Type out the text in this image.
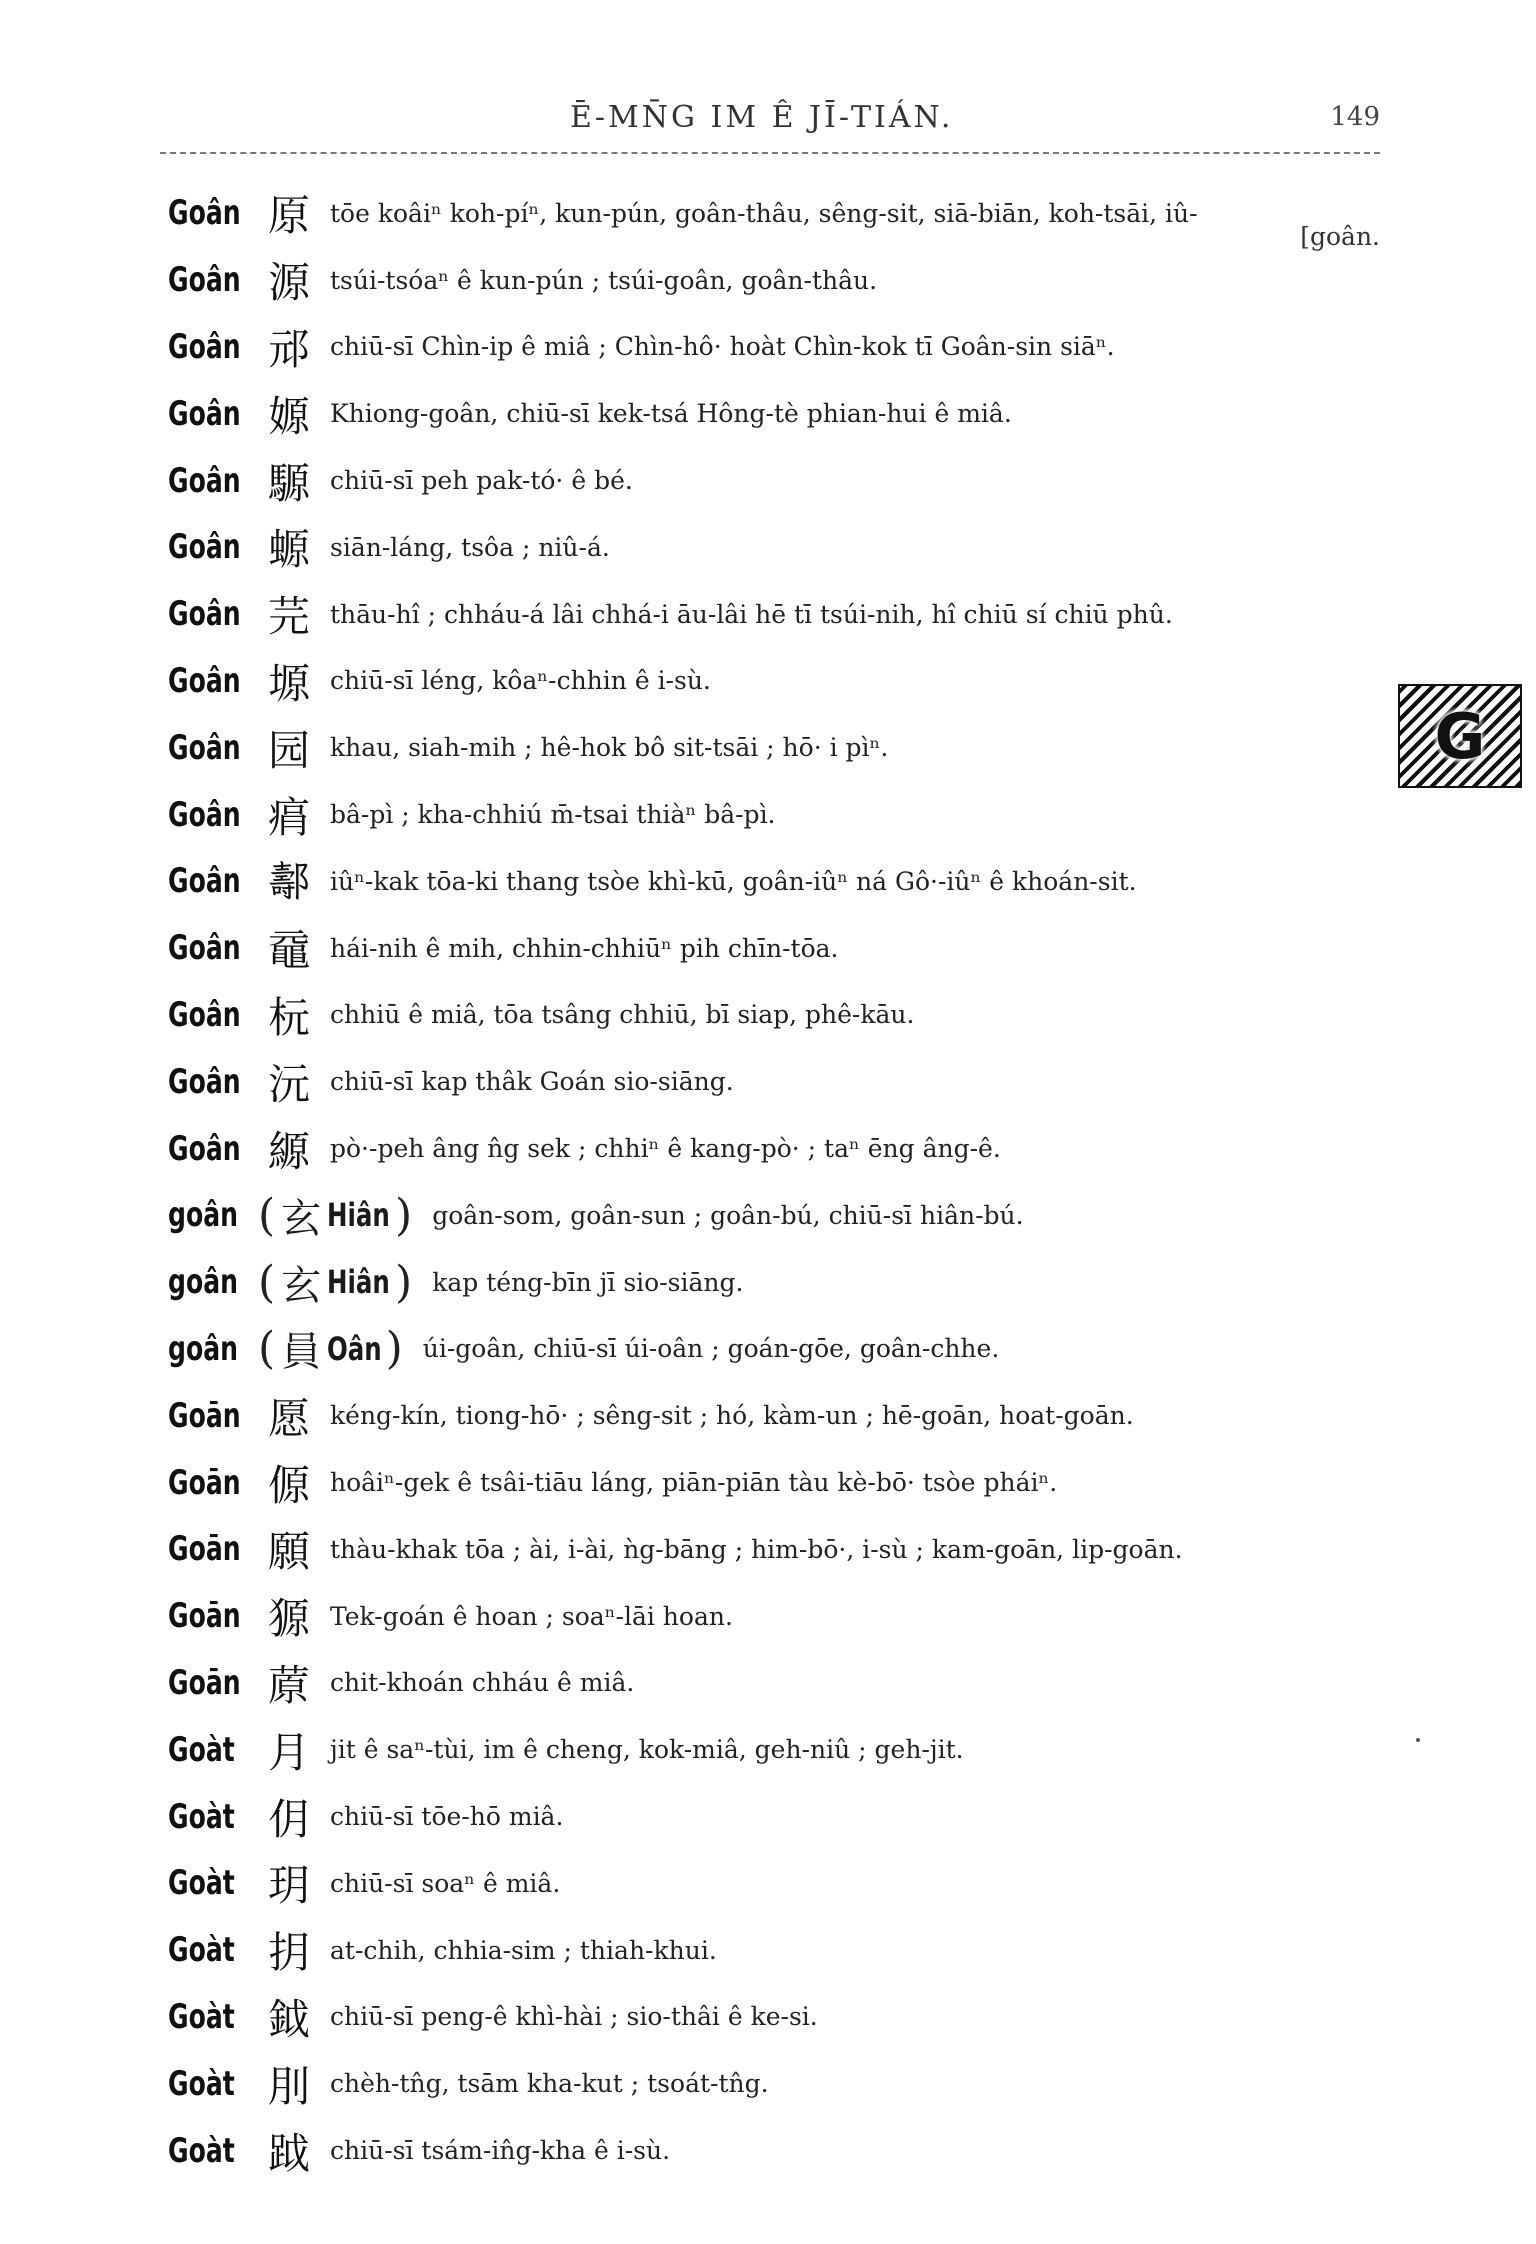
Ē-MN̄G IM Ê JĪ-TIÁN.	149
G
Goân 原 tōe koâiⁿ koh-píⁿ, kun-pún, goân-thâu, sêng-sit, siā-biān, koh-tsāi, iû-
[goân.
Goân 源 tsúi-tsóaⁿ ê kun-pún ; tsúi-goân, goân-thâu.
Goân 邧 chiū-sī Chìn-ip ê miâ ; Chìn-hô· hoàt Chìn-kok tī Goân-sin siāⁿ.
Goân 嫄 Khiong-goân, chiū-sī kek-tsá Hông-tè phian-hui ê miâ.
Goân 騵 chiū-sī peh pak-tó· ê bé.
Goân 螈 siān-láng, tsôa ; niû-á.
Goân 芫 thāu-hî ; chháu-á lâi chhá-i āu-lâi hē tī tsúi-nih, hî chiū sí chiū phû.
Goân 塬 chiū-sī léng, kôaⁿ-chhin ê i-sù.
Goân 园 khau, siah-mih ; hê-hok bô sit-tsāi ; hō· i pìⁿ.
Goân 㾓 bâ-pì ; kha-chhiú m̄-tsai thiàⁿ bâ-pì.
Goân 𨞪 iûⁿ-kak tōa-ki thang tsòe khì-kū, goân-iûⁿ ná Gô·-iûⁿ ê khoán-sit.
Goân 黿 hái-nih ê mih, chhin-chhiūⁿ pih chīn-tōa.
Goân 杬 chhiū ê miâ, tōa tsâng chhiū, bī siap, phê-kāu.
Goân 沅 chiū-sī kap thâk Goán sio-siāng.
Goân 縓 pò·-peh âng n̂g sek ; chhiⁿ ê kang-pò· ; taⁿ ēng âng-ê.
goân ( 玄 Hiân ) goân-som, goân-sun ; goân-bú, chiū-sī hiân-bú.
goân ( 玄 Hiân ) kap téng-bīn jī sio-siāng.
goân ( 員 Oân ) úi-goân, chiū-sī úi-oân ; goán-gōe, goân-chhe.
Goān 愿 kéng-kín, tiong-hō· ; sêng-sit ; hó, kàm-un ; hē-goān, hoat-goān.
Goān 傆 hoâiⁿ-gek ê tsâi-tiāu láng, piān-piān tàu kè-bō· tsòe pháiⁿ.
Goān 願 thàu-khak tōa ; ài, i-ài, ǹg-bāng ; him-bō·, i-sù ; kam-goān, lip-goān.
Goān 獂 Tek-goán ê hoan ; soaⁿ-lāi hoan.
Goān 蒝 chit-khoán chháu ê miâ.
Goàt 月 jit ê saⁿ-tùi, im ê cheng, kok-miâ, geh-niû ; geh-jit.
Goàt 仴 chiū-sī tōe-hō miâ.
Goàt 玥 chiū-sī soaⁿ ê miâ.
Goàt 抈 at-chih, chhia-sim ; thiah-khui.
Goàt 鉞 chiū-sī peng-ê khì-hài ; sio-thâi ê ke-si.
Goàt 刖 chèh-tn̂g, tsām kha-kut ; tsoát-tn̂g.
Goàt 䟠 chiū-sī tsám-in̂g-kha ê i-sù.
